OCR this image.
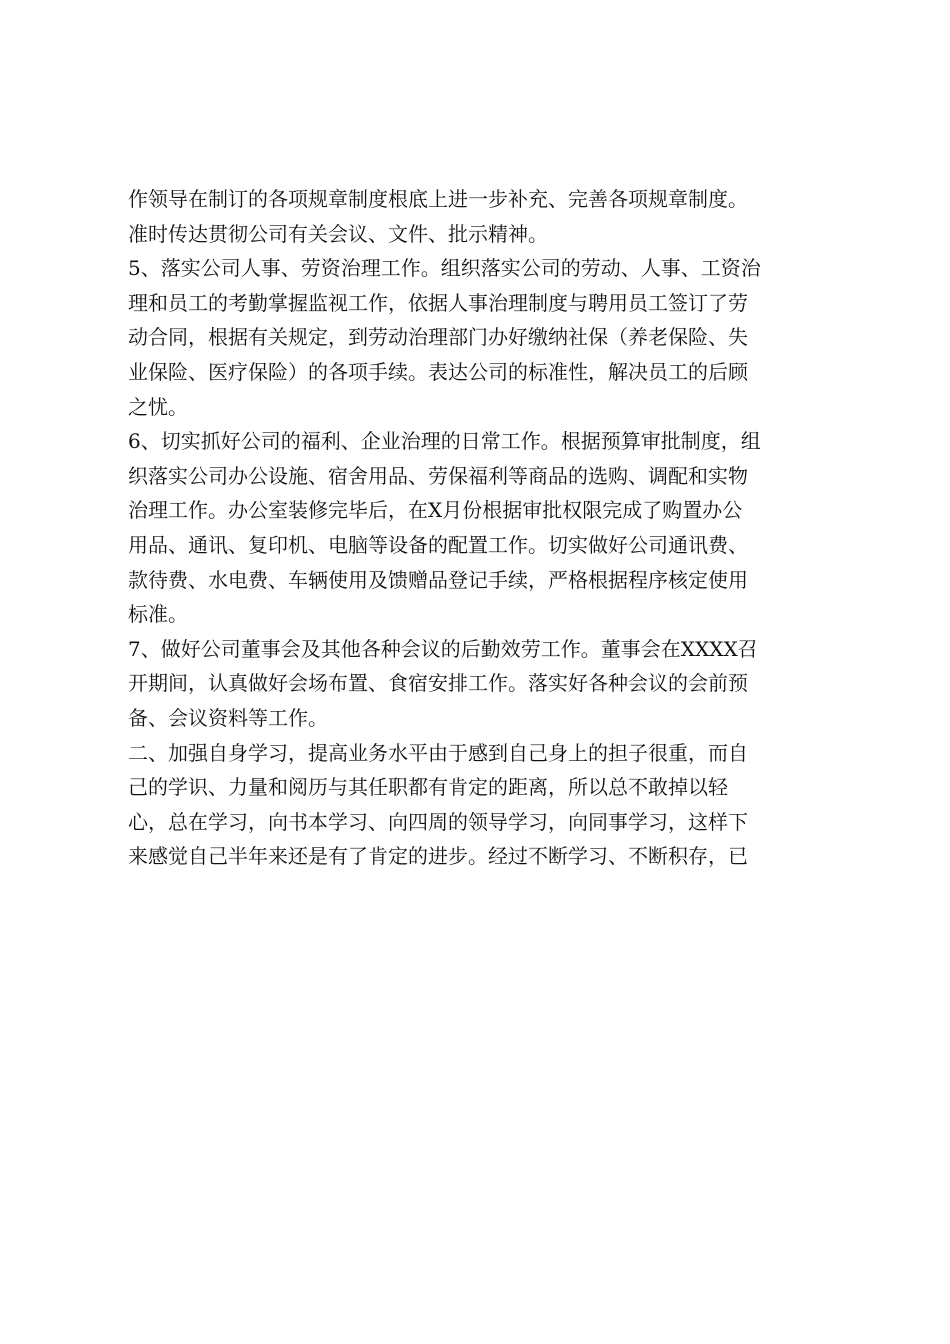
作领导在制订的各项规章制度根底上进一步补充、完善各项规章制度。
准时传达贯彻公司有关会议、文件、批示精神。
5、落实公司人事、劳资治理工作。组织落实公司的劳动、人事、工资治
理和员工的考勤掌握监视工作，依据人事治理制度与聘用员工签订了劳
动合同，根据有关规定，到劳动治理部门办好缴纳社保（养老保险、失
业保险、医疗保险）的各项手续。表达公司的标准性，解决员工的后顾
之忧。
6、切实抓好公司的福利、企业治理的日常工作。根据预算审批制度，组
织落实公司办公设施、宿舍用品、劳保福利等商品的选购、调配和实物
治理工作。办公室装修完毕后，在X月份根据审批权限完成了购置办公
用品、通讯、复印机、电脑等设备的配置工作。切实做好公司通讯费、
款待费、水电费、车辆使用及馈赠品登记手续，严格根据程序核定使用
标准。
7、做好公司董事会及其他各种会议的后勤效劳工作。董事会在XXXX召
开期间，认真做好会场布置、食宿安排工作。落实好各种会议的会前预
备、会议资料等工作。
二、加强自身学习，提高业务水平由于感到自己身上的担子很重，而自
己的学识、力量和阅历与其任职都有肯定的距离，所以总不敢掉以轻
心，总在学习，向书本学习、向四周的领导学习，向同事学习，这样下
来感觉自己半年来还是有了肯定的进步。经过不断学习、不断积存，已
